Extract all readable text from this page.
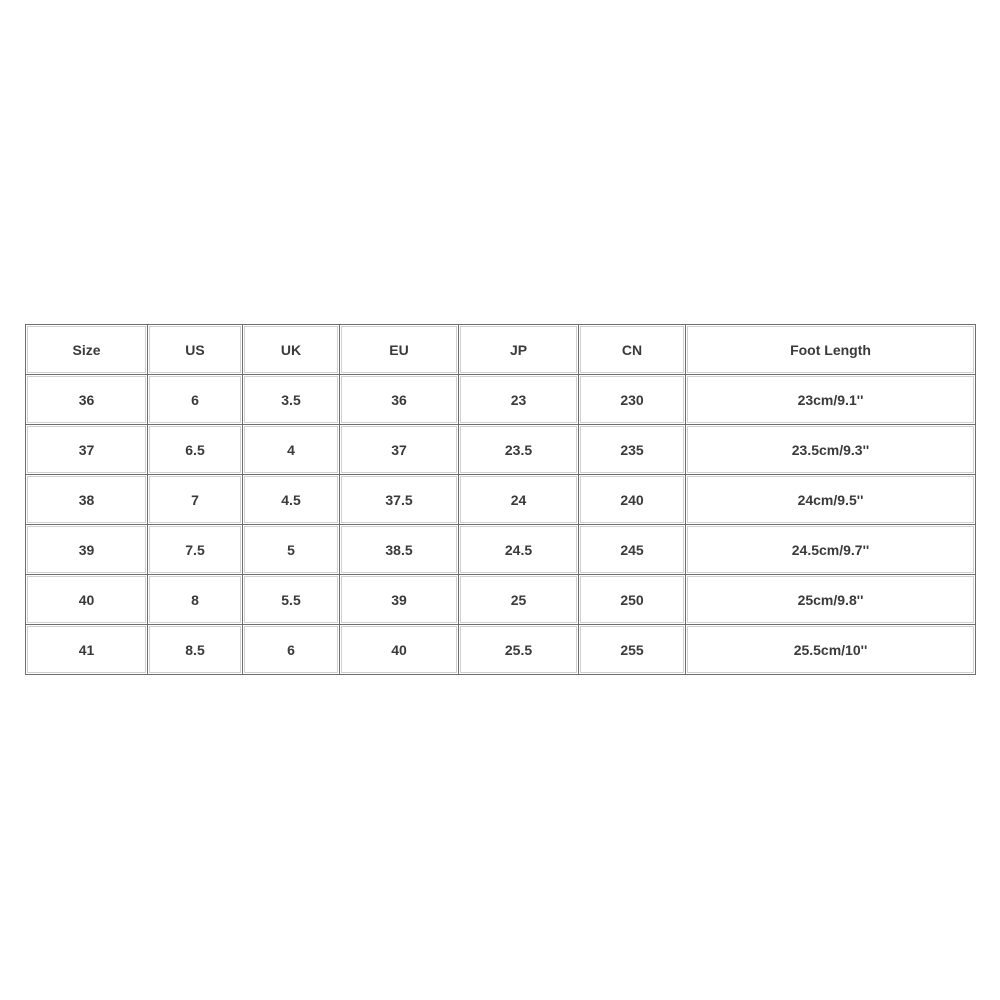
Size	US	UK	EU	JP	CN	Foot Length
36	6	3.5	36	23	230	23cm/9.1''
37	6.5	4	37	23.5	235	23.5cm/9.3''
38	7	4.5	37.5	24	240	24cm/9.5''
39	7.5	5	38.5	24.5	245	24.5cm/9.7''
40	8	5.5	39	25	250	25cm/9.8''
41	8.5	6	40	25.5	255	25.5cm/10''
